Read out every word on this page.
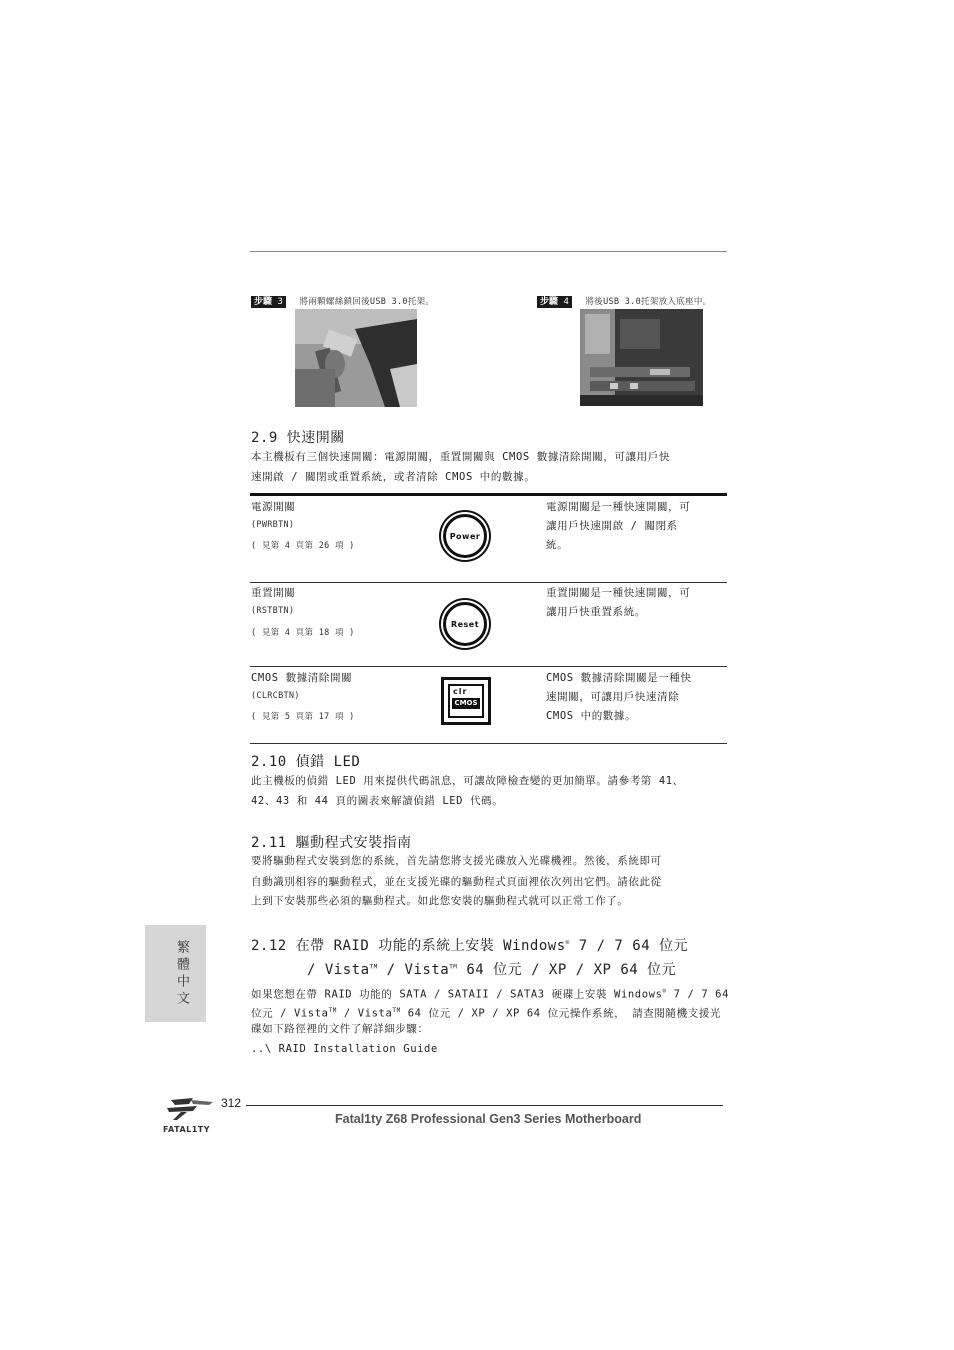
步驟 3 將兩顆螺絲鎖回後USB 3.0托架。	步驟 4 將後USB 3.0托架放入底座中。
2.9 快速開關
本主機板有三個快速開關：電源開關，重置開關與 CMOS 數據清除開關，可讓用戶快
速開啟 / 關閉或重置系統，或者清除 CMOS 中的數據。
電源開關
(PWRBTN)
( 見第 4 頁第 26 項 )
Power
電源開關是一種快速開關，可
讓用戶快速開啟 / 關閉系
統。
重置開關
(RSTBTN)
( 見第 4 頁第 18 項 )
Reset
重置開關是一種快速開關，可
讓用戶快重置系統。
CMOS 數據清除開關
(CLRCBTN)
( 見第 5 頁第 17 項 )
clr
CMOS
CMOS 數據清除開關是一種快
速開關，可讓用戶快速清除
CMOS 中的數據。
2.10 偵錯 LED
此主機板的偵錯 LED 用來提供代碼訊息，可讓故障檢查變的更加簡單。請參考第 41、
42、43 和 44 頁的圖表來解讀偵錯 LED 代碼。
2.11 驅動程式安裝指南
要將驅動程式安裝到您的系統，首先請您將支援光碟放入光碟機裡。然後，系統即可
自動識別相容的驅動程式，並在支援光碟的驅動程式頁面裡依次列出它們。請依此從
上到下安裝那些必須的驅動程式。如此您安裝的驅動程式就可以正常工作了。
繁體中文	2.12 在帶 RAID 功能的系統上安裝 Windows® 7 / 7 64 位元
/ Vista™ / Vista™ 64 位元 / XP / XP 64 位元
如果您想在帶 RAID 功能的 SATA / SATAII / SATA3 硬碟上安裝 Windows® 7 / 7 64
位元 / Vista™ / Vista™ 64 位元 / XP / XP 64 位元操作系統， 請查閱隨機支援光
碟如下路徑裡的文件了解詳細步驟：
..\ RAID Installation Guide
FATAL1TY
312
Fatal1ty Z68 Professional Gen3 Series Motherboard
